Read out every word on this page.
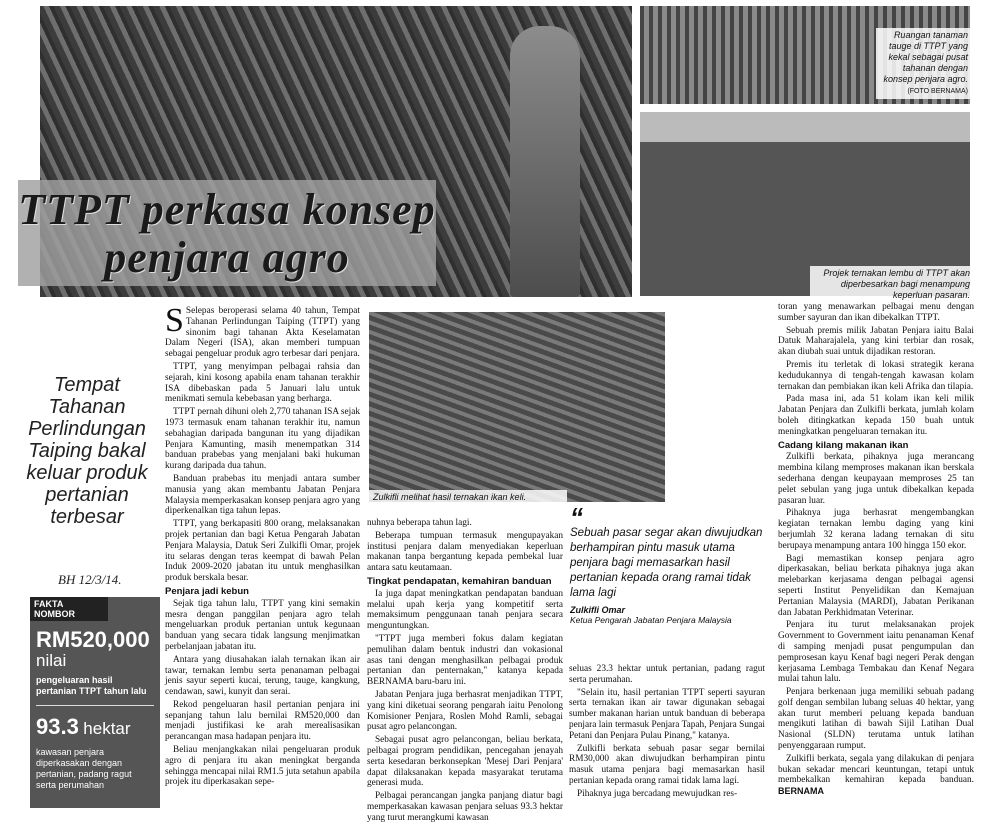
TTPT perkasa konsep
penjara agro
Ruangan tanaman tauge di TTPT yang kekal sebagai pusat tahanan dengan konsep penjara agro. (FOTO BERNAMA)
Projek ternakan lembu di TTPT akan diperbesarkan bagi menampung keperluan pasaran.
Tempat Tahanan Perlindungan Taiping bakal keluar produk pertanian terbesar
BH 12/3/14.
FAKTA NOMBOR
RM520,000
nilai
pengeluaran hasil pertanian TTPT tahun lalu
93.3 hektar
kawasan penjara diperkasakan dengan pertanian, padang ragut serta perumahan

S Selepas beroperasi selama 40 tahun, Tempat Tahanan Perlindungan Taiping (TTPT) yang sinonim bagi tahanan Akta Keselamatan Dalam Negeri (ISA), akan memberi tumpuan sebagai pengeluar produk agro terbesar dari penjara.

TTPT, yang menyimpan pelbagai rahsia dan sejarah, kini kosong apabila enam tahanan terakhir ISA dibebaskan pada 5 Januari lalu untuk menikmati semula kebebasan yang berharga.

TTPT pernah dihuni oleh 2,770 tahanan ISA sejak 1973 termasuk enam tahanan terakhir itu, namun sebahagian daripada bangunan itu yang dijadikan Penjara Kamunting, masih menempatkan 314 banduan prabebas yang menjalani baki hukuman kurang daripada dua tahun.

Banduan prabebas itu menjadi antara sumber manusia yang akan membantu Jabatan Penjara Malaysia memperkasakan konsep penjara agro yang diperkenalkan tiga tahun lepas.

TTPT, yang berkapasiti 800 orang, melaksanakan projek pertanian dan bagi Ketua Pengarah Jabatan Penjara Malaysia, Datuk Seri Zulkifli Omar, projek itu selaras dengan teras keempat di bawah Pelan Induk 2009-2020 jabatan itu untuk menghasilkan produk berskala besar.

Penjara jadi kebun

Sejak tiga tahun lalu, TTPT yang kini semakin mesra dengan panggilan penjara agro telah mengeluarkan produk pertanian untuk kegunaan banduan yang secara tidak langsung menjimatkan perbelanjaan jabatan itu.

Antara yang diusahakan ialah ternakan ikan air tawar, ternakan lembu serta penanaman pelbagai jenis sayur seperti kucai, terung, tauge, kangkung, cendawan, sawi, kunyit dan serai.

Rekod pengeluaran hasil pertanian penjara ini sepanjang tahun lalu bernilai RM520,000 dan menjadi justifikasi ke arah merealisasikan perancangan masa hadapan penjara itu.

Beliau menjangkakan nilai pengeluaran produk agro di penjara itu akan meningkat berganda sehingga mencapai nilai RM1.5 juta setahun apabila projek itu diperkasakan sepe-

Zulkifli melihat hasil ternakan ikan keli.

nuhnya beberapa tahun lagi.

Beberapa tumpuan termasuk mengupayakan institusi penjara dalam menyediakan keperluan makanan tanpa bergantung kepada pembekal luar antara satu keutamaan.

Tingkat pendapatan, kemahiran banduan

Ia juga dapat meningkatkan pendapatan banduan melalui upah kerja yang kompetitif serta memaksimum penggunaan tanah penjara secara menguntungkan.

"TTPT juga memberi fokus dalam kegiatan pemulihan dalam bentuk industri dan vokasional asas tani dengan menghasilkan pelbagai produk pertanian dan penternakan," katanya kepada BERNAMA baru-baru ini.

Jabatan Penjara juga berhasrat menjadikan TTPT, yang kini diketuai seorang pengarah iaitu Penolong Komisioner Penjara, Roslen Mohd Ramli, sebagai pusat agro pelancongan.

Sebagai pusat agro pelancongan, beliau berkata, pelbagai program pendidikan, pencegahan jenayah serta kesedaran berkonsepkan 'Mesej Dari Penjara' dapat dilaksanakan kepada masyarakat terutama generasi muda.

Pelbagai perancangan jangka panjang diatur bagi memperkasakan kawasan penjara seluas 93.3 hektar yang turut merangkumi kawasan

“
Sebuah pasar segar akan diwujudkan berhampiran pintu masuk utama penjara bagi memasarkan hasil pertanian kepada orang ramai tidak lama lagi
Zulkifli Omar
Ketua Pengarah Jabatan Penjara Malaysia

seluas 23.3 hektar untuk pertanian, padang ragut serta perumahan.

"Selain itu, hasil pertanian TTPT seperti sayuran serta ternakan ikan air tawar digunakan sebagai sumber makanan harian untuk banduan di beberapa penjara lain termasuk Penjara Tapah, Penjara Sungai Petani dan Penjara Pulau Pinang," katanya.

Zulkifli berkata sebuah pasar segar bernilai RM30,000 akan diwujudkan berhampiran pintu masuk utama penjara bagi memasarkan hasil pertanian kepada orang ramai tidak lama lagi.

Pihaknya juga bercadang mewujudkan res-

toran yang menawarkan pelbagai menu dengan sumber sayuran dan ikan dibekalkan TTPT.

Sebuah premis milik Jabatan Penjara iaitu Balai Datuk Maharajalela, yang kini terbiar dan rosak, akan diubah suai untuk dijadikan restoran.

Premis itu terletak di lokasi strategik kerana kedudukannya di tengah-tengah kawasan kolam ternakan dan pembiakan ikan keli Afrika dan tilapia.

Pada masa ini, ada 51 kolam ikan keli milik Jabatan Penjara dan Zulkifli berkata, jumlah kolam boleh ditingkatkan kepada 150 buah untuk meningkatkan pengeluaran ternakan itu.

Cadang kilang makanan ikan

Zulkifli berkata, pihaknya juga merancang membina kilang memproses makanan ikan berskala sederhana dengan keupayaan memproses 25 tan pelet sebulan yang juga untuk dibekalkan kepada pasaran luar.

Pihaknya juga berhasrat mengembangkan kegiatan ternakan lembu daging yang kini berjumlah 32 kerana ladang ternakan di situ berupaya menampung antara 100 hingga 150 ekor.

Bagi memastikan konsep penjara agro diperkasakan, beliau berkata pihaknya juga akan melebarkan kerjasama dengan pelbagai agensi seperti Institut Penyelidikan dan Kemajuan Pertanian Malaysia (MARDI), Jabatan Perikanan dan Jabatan Perkhidmatan Veterinar.

Penjara itu turut melaksanakan projek Government to Government iaitu penanaman Kenaf di samping menjadi pusat pengumpulan dan pemprosesan kayu Kenaf bagi negeri Perak dengan kerjasama Lembaga Tembakau dan Kenaf Negara mulai tahun lalu.

Penjara berkenaan juga memiliki sebuah padang golf dengan sembilan lubang seluas 40 hektar, yang akan turut memberi peluang kepada banduan mengikuti latihan di bawah Sijil Latihan Dual Nasional (SLDN) terutama untuk latihan penyenggaraan rumput.

Zulkifli berkata, segala yang dilakukan di penjara bukan sekadar mencari keuntungan, tetapi untuk membekalkan kemahiran kepada banduan. BERNAMA
